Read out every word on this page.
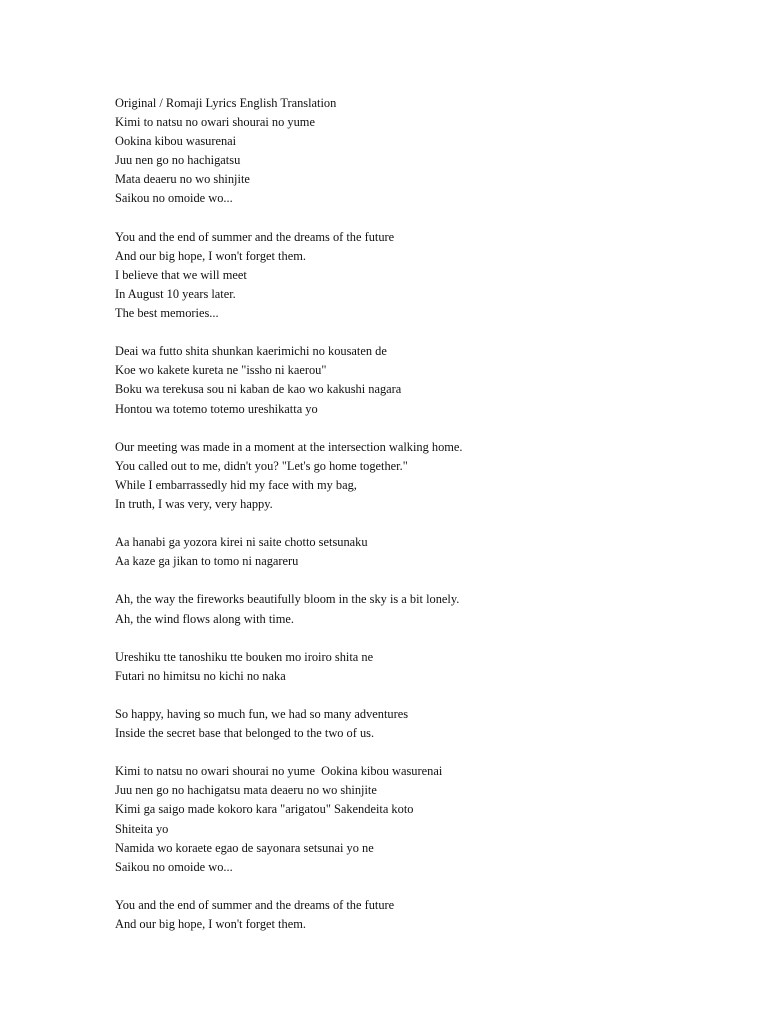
Original / Romaji Lyrics English Translation
Kimi to natsu no owari shourai no yume
Ookina kibou wasurenai
Juu nen go no hachigatsu
Mata deaeru no wo shinjite
Saikou no omoide wo...
You and the end of summer and the dreams of the future
And our big hope, I won't forget them.
I believe that we will meet
In August 10 years later.
The best memories...
Deai wa futto shita shunkan kaerimichi no kousaten de
Koe wo kakete kureta ne "issho ni kaerou"
Boku wa terekusa sou ni kaban de kao wo kakushi nagara
Hontou wa totemo totemo ureshikatta yo
Our meeting was made in a moment at the intersection walking home.
You called out to me, didn't you? "Let's go home together."
While I embarrassedly hid my face with my bag,
In truth, I was very, very happy.
Aa hanabi ga yozora kirei ni saite chotto setsunaku
Aa kaze ga jikan to tomo ni nagareru
Ah, the way the fireworks beautifully bloom in the sky is a bit lonely.
Ah, the wind flows along with time.
Ureshiku tte tanoshiku tte bouken mo iroiro shita ne
Futari no himitsu no kichi no naka
So happy, having so much fun, we had so many adventures
Inside the secret base that belonged to the two of us.
Kimi to natsu no owari shourai no yume  Ookina kibou wasurenai
Juu nen go no hachigatsu mata deaeru no wo shinjite
Kimi ga saigo made kokoro kara "arigatou" Sakendeita koto
Shiteita yo
Namida wo koraete egao de sayonara setsunai yo ne
Saikou no omoide wo...
You and the end of summer and the dreams of the future
And our big hope, I won't forget them.
